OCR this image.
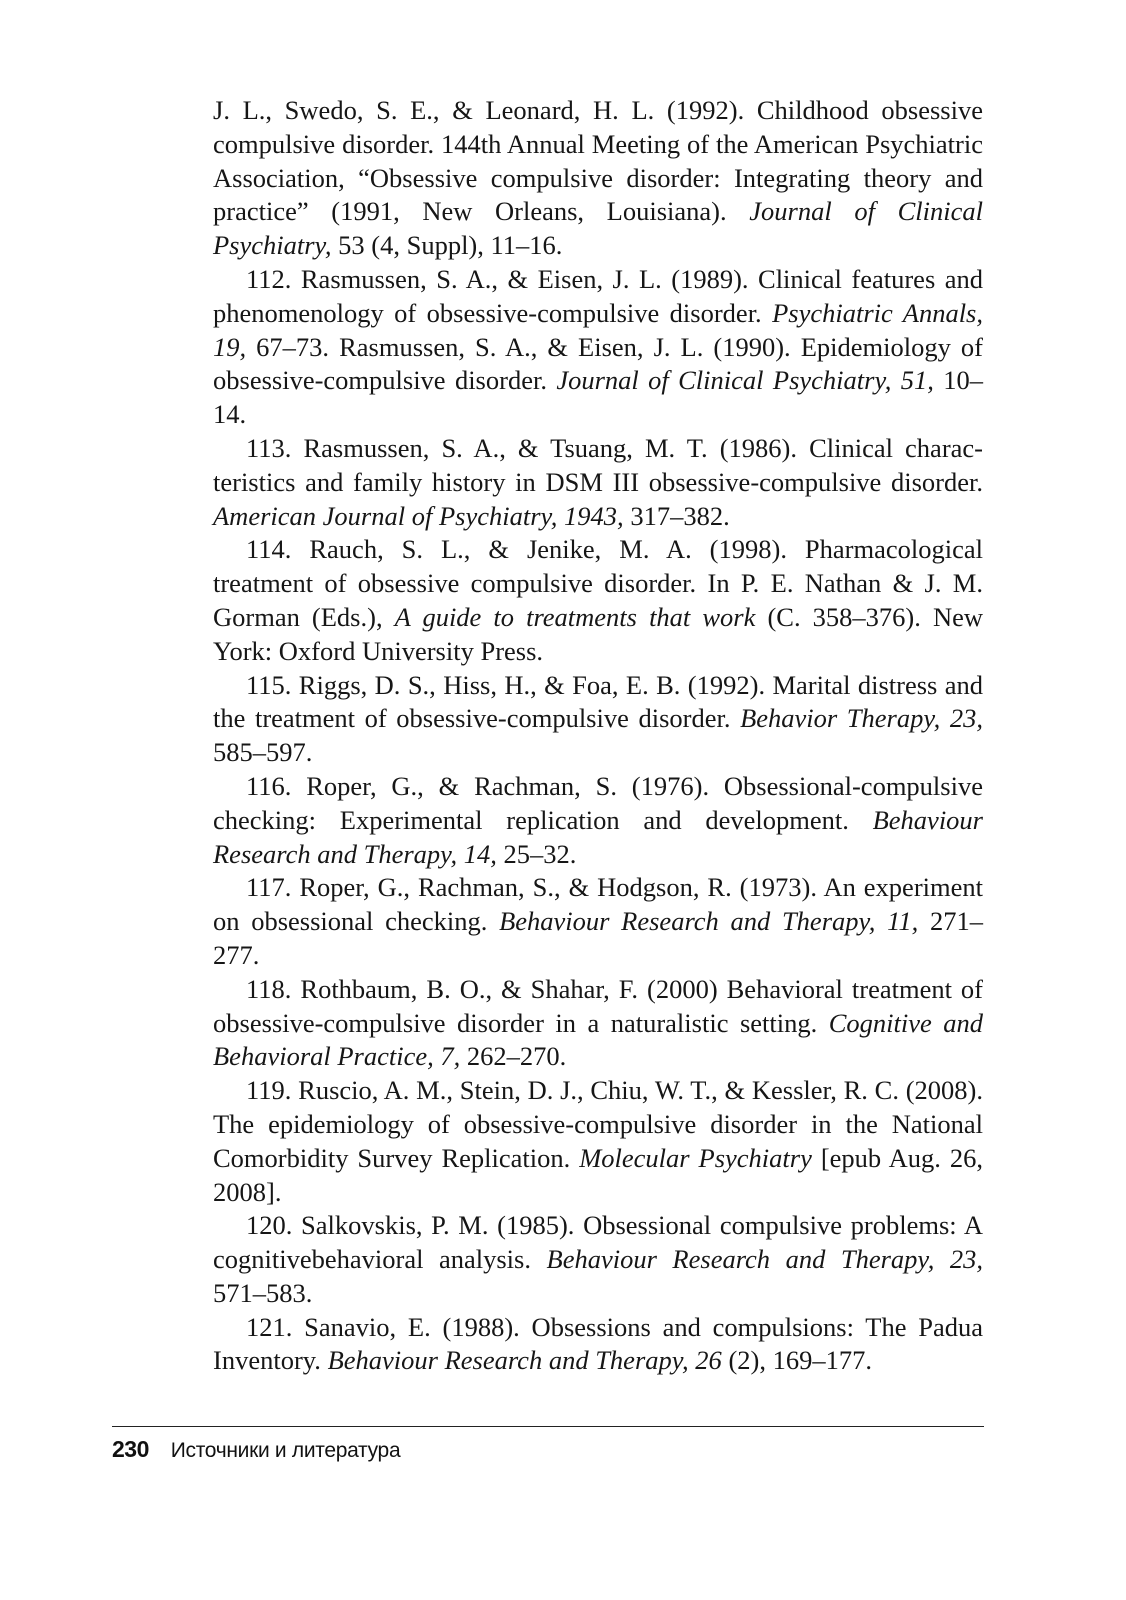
J. L., Swedo, S. E., & Leonard, H. L. (1992). Childhood obsessive compulsive disorder. 144th Annual Meeting of the American Psychiatric Association, “Obsessive compulsive disorder: Integrating theory and practice” (1991, New Orleans, Louisiana). Journal of Clinical Psychiatry, 53 (4, Suppl), 11–16.

112. Rasmussen, S. A., & Eisen, J. L. (1989). Clinical features and phenomenology of obsessive-compulsive disorder. Psychiatric Annals, 19, 67–73. Rasmussen, S. A., & Eisen, J. L. (1990). Epidemiology of obsessive-compulsive disorder. Journal of Clinical Psychiatry, 51, 10–14.

113. Rasmussen, S. A., & Tsuang, M. T. (1986). Clinical characteristics and family history in DSM III obsessive-compulsive disorder. American Journal of Psychiatry, 1943, 317–382.

114. Rauch, S. L., & Jenike, M. A. (1998). Pharmacological treatment of obsessive compulsive disorder. In P. E. Nathan & J. M. Gorman (Eds.), A guide to treatments that work (C. 358–376). New York: Oxford University Press.

115. Riggs, D. S., Hiss, H., & Foa, E. B. (1992). Marital distress and the treatment of obsessive-compulsive disorder. Behavior Therapy, 23, 585–597.

116. Roper, G., & Rachman, S. (1976). Obsessional-compulsive checking: Experimental replication and development. Behaviour Research and Therapy, 14, 25–32.

117. Roper, G., Rachman, S., & Hodgson, R. (1973). An experiment on obsessional checking. Behaviour Research and Therapy, 11, 271–277.

118. Rothbaum, B. O., & Shahar, F. (2000) Behavioral treatment of obsessive-compulsive disorder in a naturalistic setting. Cognitive and Behavioral Practice, 7, 262–270.

119. Ruscio, A. M., Stein, D. J., Chiu, W. T., & Kessler, R. C. (2008). The epidemiology of obsessive-compulsive disorder in the National Comorbidity Survey Replication. Molecular Psychiatry [epub Aug. 26, 2008].

120. Salkovskis, P. M. (1985). Obsessional compulsive problems: A cognitivebehavioral analysis. Behaviour Research and Therapy, 23, 571–583.

121. Sanavio, E. (1988). Obsessions and compulsions: The Padua Inventory. Behaviour Research and Therapy, 26 (2), 169–177.

230 Источники и литература
